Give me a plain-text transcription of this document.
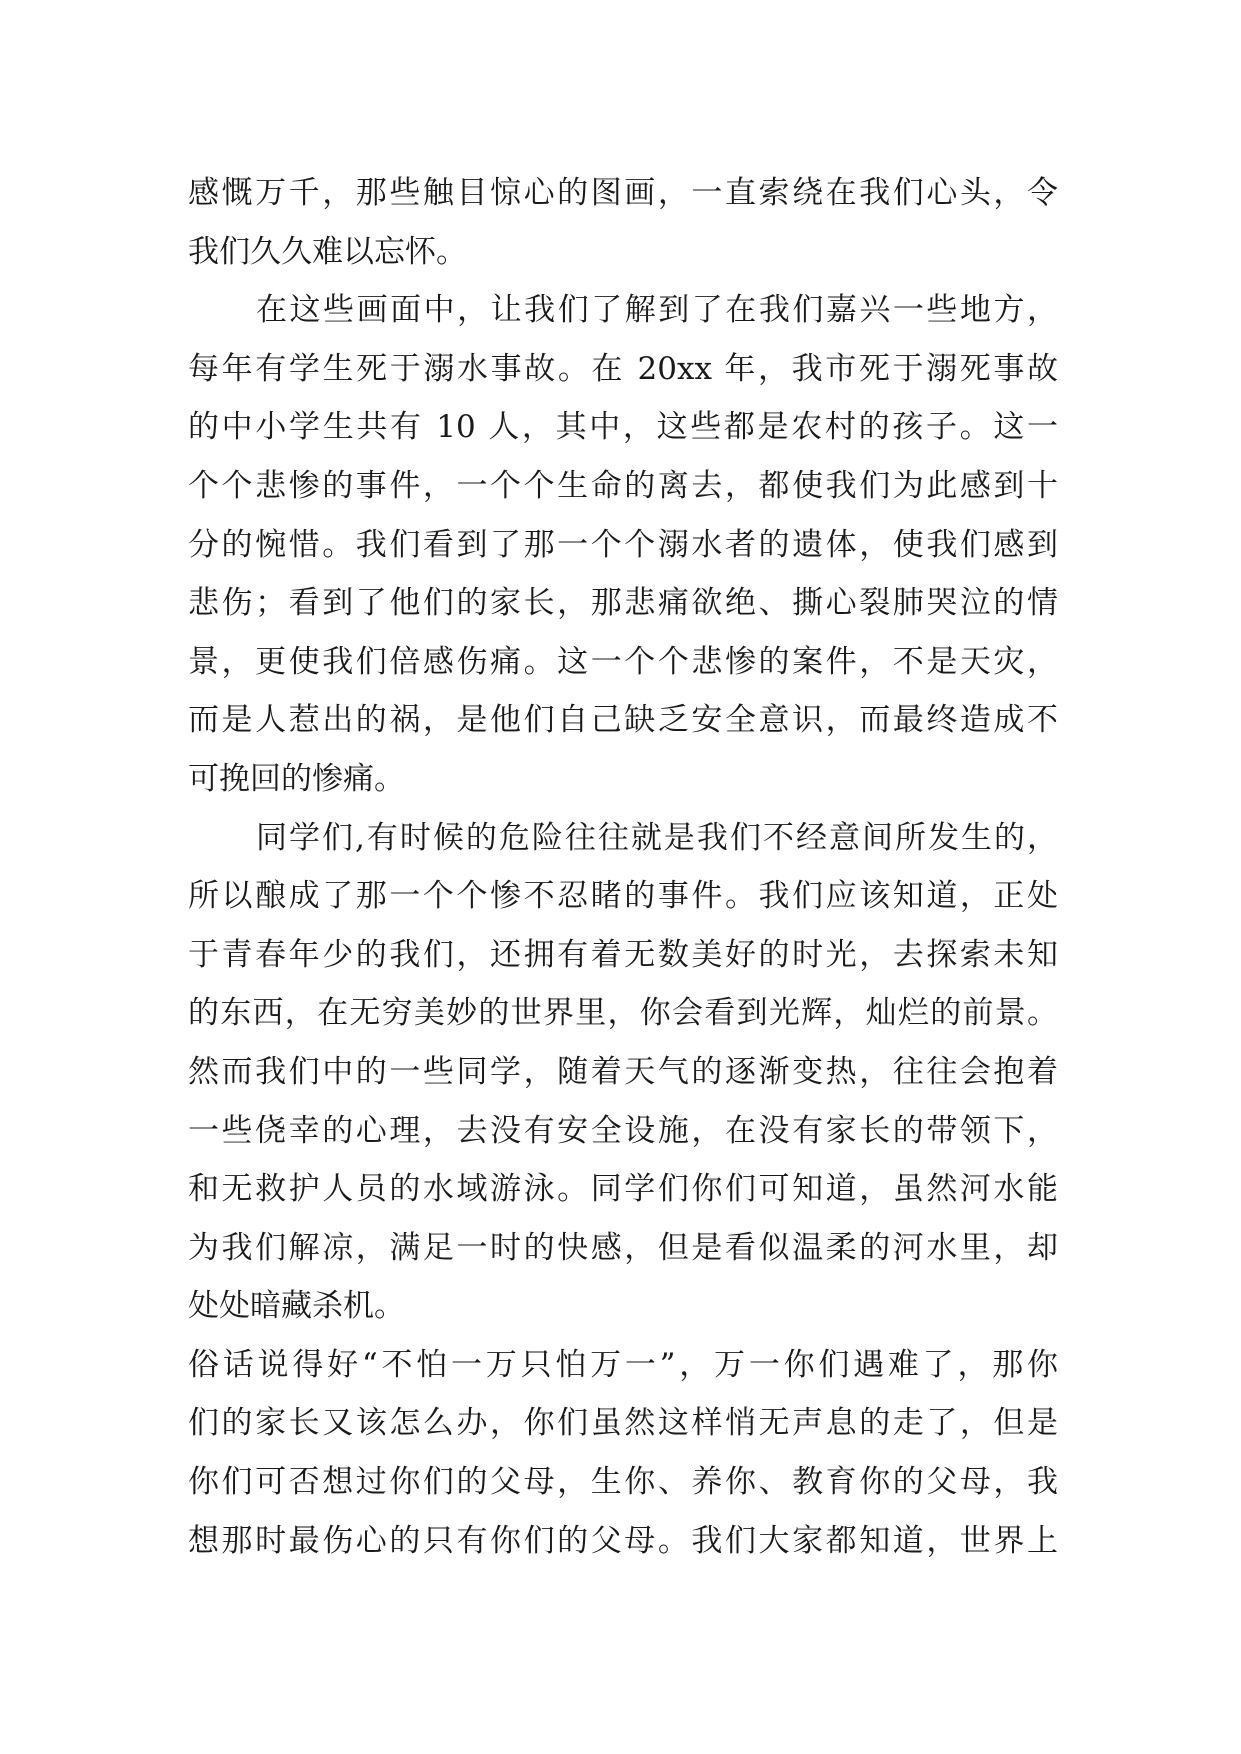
感慨万千，那些触目惊心的图画，一直索绕在我们心头，令
我们久久难以忘怀。
在这些画面中，让我们了解到了在我们嘉兴一些地方，
每年有学生死于溺水事故。在 20xx 年，我市死于溺死事故
的中小学生共有 10 人，其中，这些都是农村的孩子。这一
个个悲惨的事件，一个个生命的离去，都使我们为此感到十
分的惋惜。我们看到了那一个个溺水者的遗体，使我们感到
悲伤；看到了他们的家长，那悲痛欲绝、撕心裂肺哭泣的情
景，更使我们倍感伤痛。这一个个悲惨的案件，不是天灾，
而是人惹出的祸，是他们自己缺乏安全意识，而最终造成不
可挽回的惨痛。
同学们,有时候的危险往往就是我们不经意间所发生的，
所以酿成了那一个个惨不忍睹的事件。我们应该知道，正处
于青春年少的我们，还拥有着无数美好的时光，去探索未知
的东西，在无穷美妙的世界里，你会看到光辉，灿烂的前景。
然而我们中的一些同学，随着天气的逐渐变热，往往会抱着
一些侥幸的心理，去没有安全设施，在没有家长的带领下，
和无救护人员的水域游泳。同学们你们可知道，虽然河水能
为我们解凉，满足一时的快感，但是看似温柔的河水里，却
处处暗藏杀机。
俗话说得好“不怕一万只怕万一”，万一你们遇难了，那你
们的家长又该怎么办，你们虽然这样悄无声息的走了，但是
你们可否想过你们的父母，生你、养你、教育你的父母，我
想那时最伤心的只有你们的父母。我们大家都知道，世界上
